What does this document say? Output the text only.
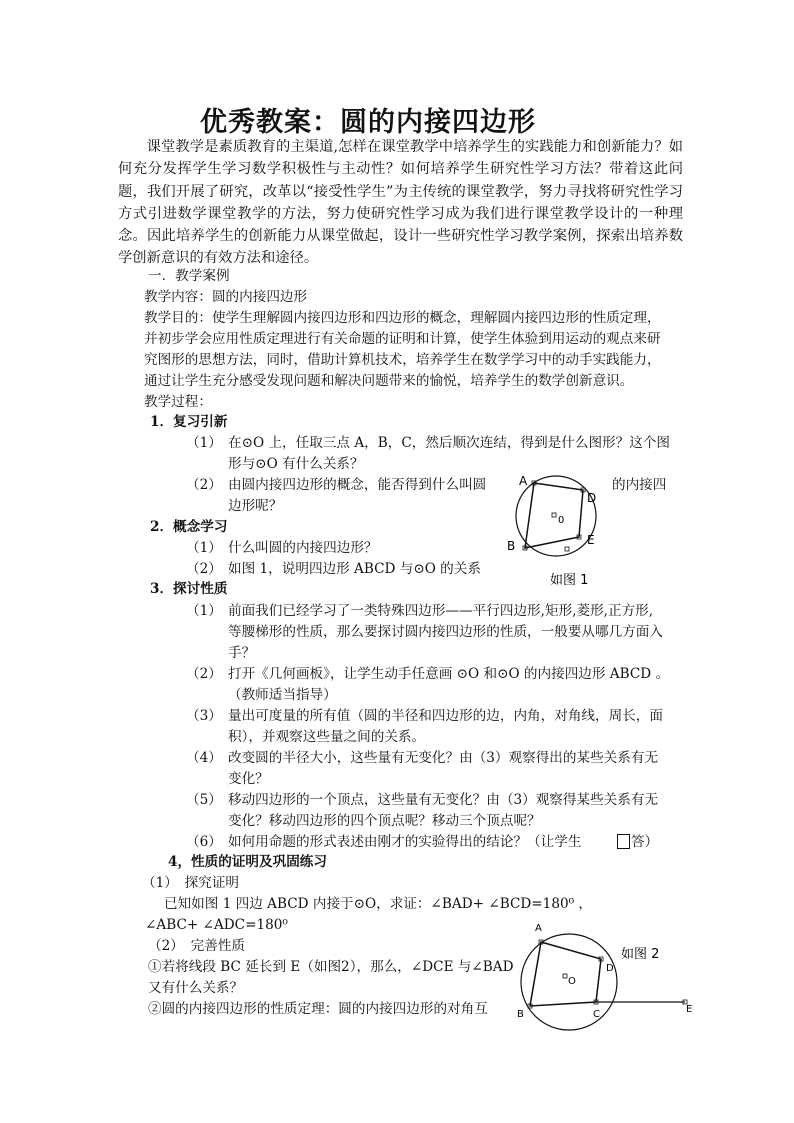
优秀教案：圆的内接四边形
课堂教学是素质教育的主渠道,怎样在课堂教学中培养学生的实践能力和创新能力？如何充分发挥学生学习数学积极性与主动性？如何培养学生研究性学习方法？带着这此问题，我们开展了研究，改革以“接受性学生”为主传统的课堂教学，努力寻找将研究性学习方式引进数学课堂教学的方法，努力使研究性学习成为我们进行课堂教学设计的一种理念。因此培养学生的创新能力从课堂做起，设计一些研究性学习教学案例，探索出培养数学创新意识的有效方法和途径。
一．教学案例
教学内容：圆的内接四边形
教学目的：使学生理解圆内接四边形和四边形的概念，理解圆内接四边形的性质定理，
并初步学会应用性质定理进行有关命题的证明和计算，使学生体验到用运动的观点来研
究图形的思想方法，同时，借助计算机技术，培养学生在数学学习中的动手实践能力，
通过让学生充分感受发现问题和解决问题带来的愉悦，培养学生的数学创新意识。
教学过程：
1．复习引新
（1） 在⊙O 上，任取三点 A，B，C，然后顺次连结，得到是什么图形？这个图
形与⊙O 有什么关系？
（2） 由圆内接四边形的概念，能否得到什么叫圆	的内接四
边形呢？
2．概念学习
（1） 什么叫圆的内接四边形？
（2） 如图 1，说明四边形 ABCD 与⊙O 的关系
3．探讨性质
（1） 前面我们已经学习了一类特殊四边形——平行四边形,矩形,菱形,正方形,
等腰梯形的性质，那么要探讨圆内接四边形的性质，一般要从哪几方面入
手？
（2） 打开《几何画板》，让学生动手任意画 ⊙O 和⊙O 的内接四边形 ABCD 。
（教师适当指导）
（3） 量出可度量的所有值（圆的半径和四边形的边，内角，对角线，周长，面
积），并观察这些量之间的关系。
（4） 改变圆的半径大小，这些量有无变化？由（3）观察得出的某些关系有无
变化？
（5） 移动四边形的一个顶点，这些量有无变化？由（3）观察得某些关系有无
变化？移动四边形的四个顶点呢？移动三个顶点呢？
（6） 如何用命题的形式表述由刚才的实验得出的结论？（让学生	答）
4，性质的证明及巩固练习
（1）　探究证明
已知如图 1 四边 ABCD 内接于⊙O，求证：∠BAD+ ∠BCD=180⁰ ，
∠ABC+ ∠ADC=180⁰
（2）　完善性质
①若将线段 BC 延长到 E（如图2），那么，∠DCE 与∠BAD
又有什么关系？
②圆的内接四边形的性质定理：圆的内接四边形的对角互
A
D
0
E
B
如图 1
A
D
O
C
B	E
如图 2
